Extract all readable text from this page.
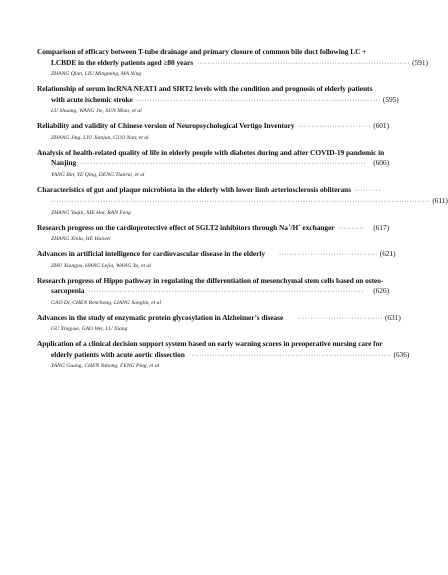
Comparison of efficacy between T-tube drainage and primary closure of common bile duct following LC +

LCBDE in the elderly patients aged ≥80 years ·················································································· (591)

ZHANG Qian, LIU Mingming, MA Ning

Relationship of serum lncRNA NEAT1 and SIRT2 levels with the condition and prognosis of elderly patients

with acute ischemic stroke ······························································································ (595)

LU Shuang, WANG Jie, SUN Miao, et al

Reliability and validity of Chinese version of Neuropsychological Vertigo Inventory ···························· (601)

ZHANG Jing, LIU Jianjun, GUO Nan, et al

Analysis of health-related quality of life in elderly people with diabetes during and after COVID-19 pandemic in

Nanjing ·············································································································· (606)

YANG Bin, YE Qing, DENG Tianrui, et al

Characteristics of gut and plaque microbiota in the elderly with lower limb arteriosclerosis obliterans ··········

·················································································································································· (611)

ZHANG Yuqin, XIE Hai, RAN Feng

Research progress on the cardioprotective effect of SGLT2 inhibitors through Na+/H+ exchanger ·········· (617)

ZHANG Xinlu, HE Huiwei

Advances in artificial intelligence for cardiovascular disease in the elderly ······································ (621)

ZHU Xiangyu, HANG Lejia, WANG Yu, et al

Research progress of Hippo pathway in regulating the differentiation of mesenchymal stem cells based on osteo-

sarcopenia ··········································································································	(626)

GAO Di, CHEN Renchong, LIANG Songlin, et al

Advances in the study of enzymatic protein glycosylation in Alzheimer’s disease ································· (631)

GU Xingyue, GAO Wei, LU Xiang

Application of a clinical decision support system based on early warning scores in preoperative nursing care for

elderly patients with acute aortic dissection ·············································································· (636)

YANG Guang, CHEN Yuhong, FENG Ping, et al
